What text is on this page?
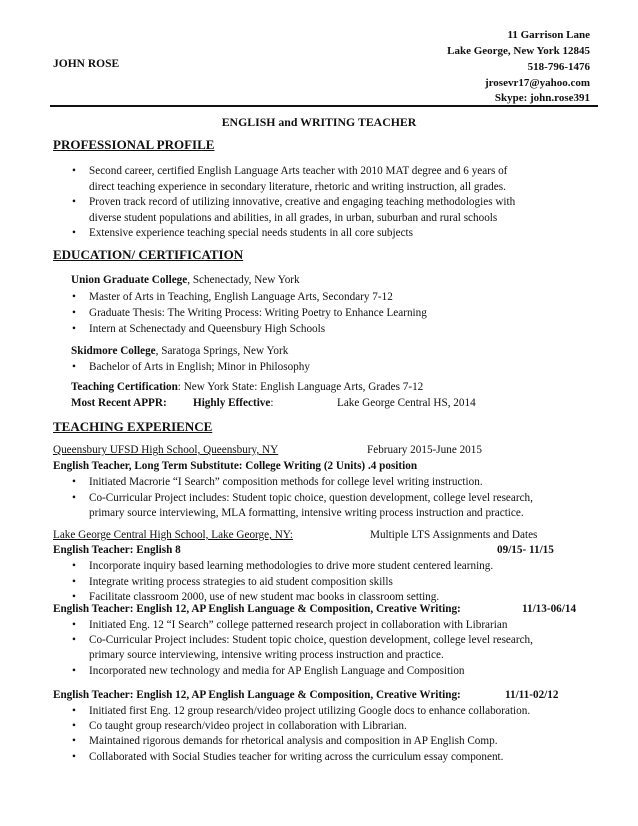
11 Garrison Lane
Lake George, New York 12845
JOHN ROSE	518-796-1476
jrosevr17@yahoo.com
Skype: john.rose391
ENGLISH and WRITING TEACHER
PROFESSIONAL PROFILE
• Second career, certified English Language Arts teacher with 2010 MAT degree and 6 years of
direct teaching experience in secondary literature, rhetoric and writing instruction, all grades.
• Proven track record of utilizing innovative, creative and engaging teaching methodologies with
diverse student populations and abilities, in all grades, in urban, suburban and rural schools
• Extensive experience teaching special needs students in all core subjects
EDUCATION/ CERTIFICATION
Union Graduate College, Schenectady, New York
• Master of Arts in Teaching, English Language Arts, Secondary 7-12
• Graduate Thesis: The Writing Process: Writing Poetry to Enhance Learning
• Intern at Schenectady and Queensbury High Schools
Skidmore College, Saratoga Springs, New York
• Bachelor of Arts in English; Minor in Philosophy
Teaching Certification: New York State: English Language Arts, Grades 7-12
Most Recent APPR: Highly Effective:	Lake George Central HS, 2014
TEACHING EXPERIENCE
Queensbury UFSD High School, Queensbury, NY	February 2015-June 2015
English Teacher, Long Term Substitute: College Writing (2 Units) .4 position
• Initiated Macrorie “I Search” composition methods for college level writing instruction.
• Co-Curricular Project includes: Student topic choice, question development, college level research,
primary source interviewing, MLA formatting, intensive writing process instruction and practice.
Lake George Central High School, Lake George, NY:	Multiple LTS Assignments and Dates
English Teacher: English 8	09/15- 11/15
• Incorporate inquiry based learning methodologies to drive more student centered learning.
• Integrate writing process strategies to aid student composition skills
• Facilitate classroom 2000, use of new student mac books in classroom setting.
English Teacher: English 12, AP English Language & Composition, Creative Writing:	11/13-06/14
• Initiated Eng. 12 “I Search” college patterned research project in collaboration with Librarian
• Co-Curricular Project includes: Student topic choice, question development, college level research,
primary source interviewing, intensive writing process instruction and practice.
• Incorporated new technology and media for AP English Language and Composition
English Teacher: English 12, AP English Language & Composition, Creative Writing:	11/11-02/12
• Initiated first Eng. 12 group research/video project utilizing Google docs to enhance collaboration.
• Co taught group research/video project in collaboration with Librarian.
• Maintained rigorous demands for rhetorical analysis and composition in AP English Comp.
• Collaborated with Social Studies teacher for writing across the curriculum essay component.
